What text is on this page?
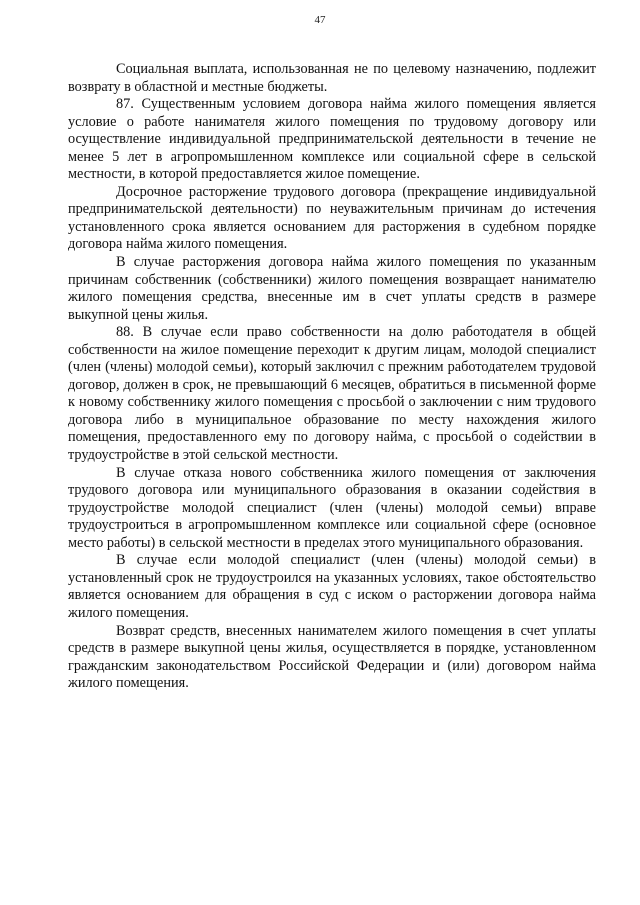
47

Социальная выплата, использованная не по целевому назначению, подлежит возврату в областной и местные бюджеты.

87. Существенным условием договора найма жилого помещения является условие о работе нанимателя жилого помещения по трудовому договору или осуществление индивидуальной предпринимательской деятельности в течение не менее 5 лет в агропромышленном комплексе или социальной сфере в сельской местности, в которой предоставляется жилое помещение.

Досрочное расторжение трудового договора (прекращение индивидуальной предпринимательской деятельности) по неуважительным причинам до истечения установленного срока является основанием для расторжения в судебном порядке договора найма жилого помещения.

В случае расторжения договора найма жилого помещения по указанным причинам собственник (собственники) жилого помещения возвращает нанимателю жилого помещения средства, внесенные им в счет уплаты средств в размере выкупной цены жилья.

88. В случае если право собственности на долю работодателя в общей собственности на жилое помещение переходит к другим лицам, молодой специалист (член (члены) молодой семьи), который заключил с прежним работодателем трудовой договор, должен в срок, не превышающий 6 месяцев, обратиться в письменной форме к новому собственнику жилого помещения с просьбой о заключении с ним трудового договора либо в муниципальное образование по месту нахождения жилого помещения, предоставленного ему по договору найма, с просьбой о содействии в трудоустройстве в этой сельской местности.

В случае отказа нового собственника жилого помещения от заключения трудового договора или муниципального образования в оказании содействия в трудоустройстве молодой специалист (член (члены) молодой семьи) вправе трудоустроиться в агропромышленном комплексе или социальной сфере (основное место работы) в сельской местности в пределах этого муниципального образования.

В случае если молодой специалист (член (члены) молодой семьи) в установленный срок не трудоустроился на указанных условиях, такое обстоятельство является основанием для обращения в суд с иском о расторжении договора найма жилого помещения.

Возврат средств, внесенных нанимателем жилого помещения в счет уплаты средств в размере выкупной цены жилья, осуществляется в порядке, установленном гражданским законодательством Российской Федерации и (или) договором найма жилого помещения.
